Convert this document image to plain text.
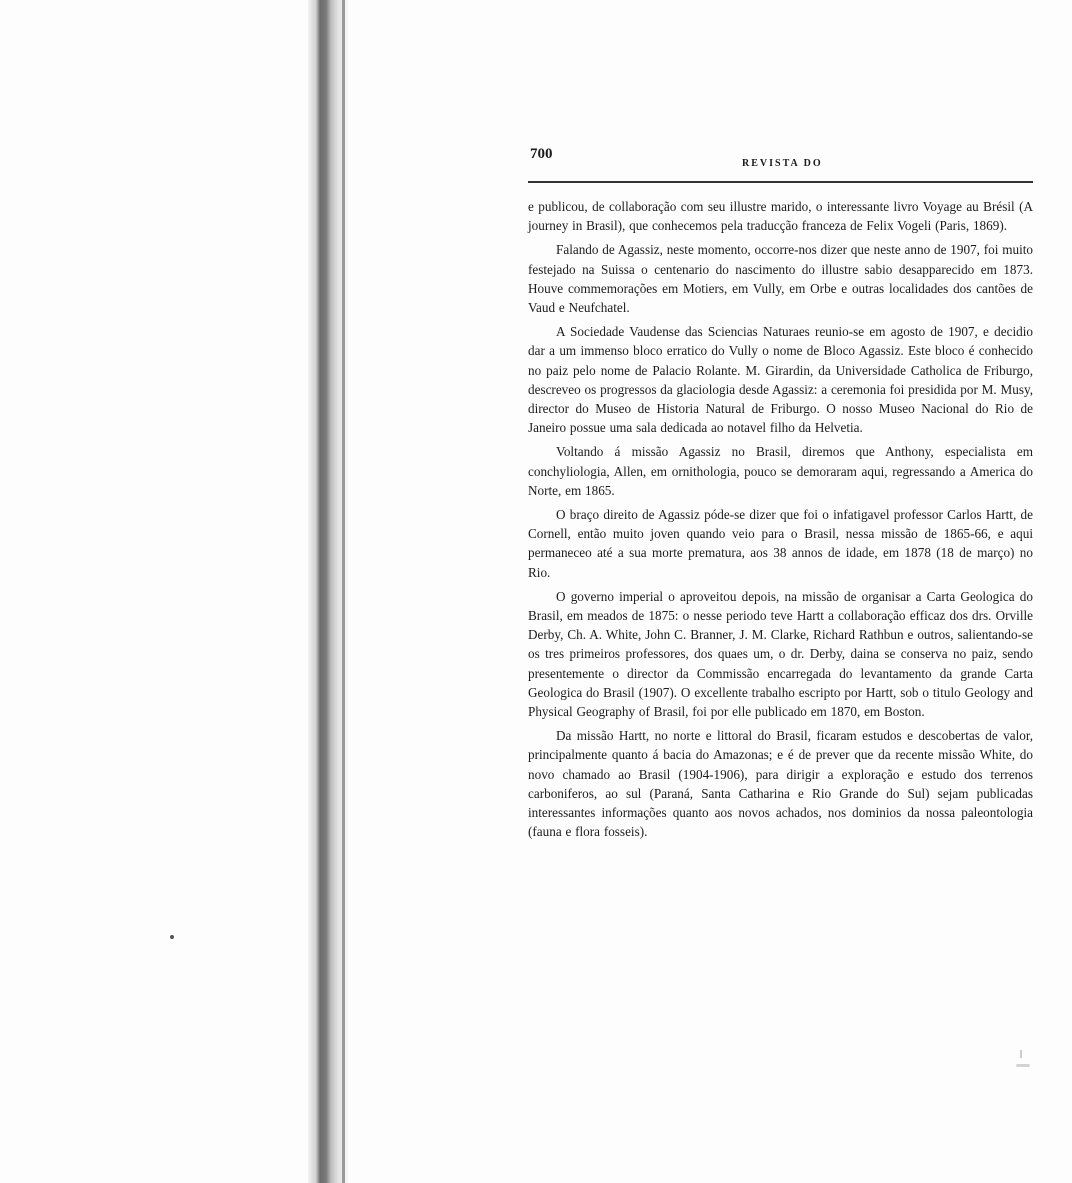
700
REVISTA DO

e publicou, de collaboração com seu illustre marido, o interessante livro Voyage au Brésil (A journey in Brasil), que conhecemos pela traducção franceza de Felix Vogeli (Paris, 1869).

Falando de Agassiz, neste momento, occorre-nos dizer que neste anno de 1907, foi muito festejado na Suissa o centenario do nascimento do illustre sabio desapparecido em 1873. Houve commemorações em Motiers, em Vully, em Orbe e outras localidades dos cantões de Vaud e Neufchatel.

A Sociedade Vaudense das Sciencias Naturaes reunio-se em agosto de 1907, e decidio dar a um immenso bloco erratico do Vully o nome de Bloco Agassiz. Este bloco é conhecido no paiz pelo nome de Palacio Rolante. M. Girardin, da Universidade Catholica de Friburgo, descreveo os progressos da glaciologia desde Agassiz: a ceremonia foi presidida por M. Musy, director do Museo de Historia Natural de Friburgo. O nosso Museo Nacional do Rio de Janeiro possue uma sala dedicada ao notavel filho da Helvetia.

Voltando á missão Agassiz no Brasil, diremos que Anthony, especialista em conchyliologia, Allen, em ornithologia, pouco se demoraram aqui, regressando a America do Norte, em 1865.

O braço direito de Agassiz póde-se dizer que foi o infatigavel professor Carlos Hartt, de Cornell, então muito joven quando veio para o Brasil, nessa missão de 1865-66, e aqui permaneceo até a sua morte prematura, aos 38 annos de idade, em 1878 (18 de março) no Rio.

O governo imperial o aproveitou depois, na missão de organisar a Carta Geologica do Brasil, em meados de 1875: o nesse periodo teve Hartt a collaboração efficaz dos drs. Orville Derby, Ch. A. White, John C. Branner, J. M. Clarke, Richard Rathbun e outros, salientando-se os tres primeiros professores, dos quaes um, o dr. Derby, daina se conserva no paiz, sendo presentemente o director da Commissão encarregada do levantamento da grande Carta Geologica do Brasil (1907). O excellente trabalho escripto por Hartt, sob o titulo Geology and Physical Geography of Brasil, foi por elle publicado em 1870, em Boston.

Da missão Hartt, no norte e littoral do Brasil, ficaram estudos e descobertas de valor, principalmente quanto á bacia do Amazonas; e é de prever que da recente missão White, do novo chamado ao Brasil (1904-1906), para dirigir a exploração e estudo dos terrenos carboniferos, ao sul (Paraná, Santa Catharina e Rio Grande do Sul) sejam publicadas interessantes informações quanto aos novos achados, nos dominios da nossa paleontologia (fauna e flora fosseis).
